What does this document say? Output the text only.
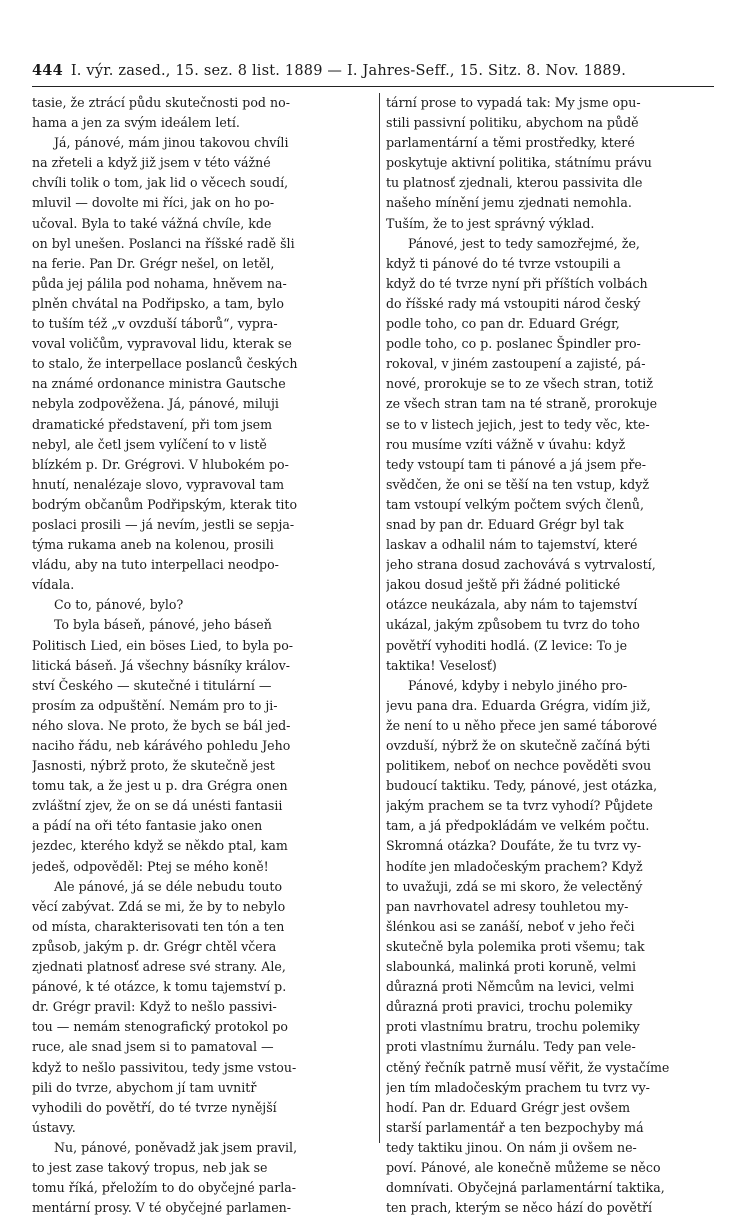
444 I. výr. zased., 15. sez. 8 list. 1889 — I. Jahres-Seff., 15. Sitz. 8. Nov. 1889.
tasie, že ztrácí půdu skutečnosti pod no-
hama a jen za svým ideálem letí.
Já, pánové, mám jinou takovou chvíli
na zřeteli a když již jsem v této vážné
chvíli tolik o tom, jak lid o věcech soudí,
mluvil — dovolte mi říci, jak on ho po-
učoval. Byla to také vážná chvíle, kde
on byl unešen. Poslanci na říšské radě šli
na ferie. Pan Dr. Grégr nešel, on letěl,
půda jej pálila pod nohama, hněvem na-
plněn chvátal na Podřipsko, a tam, bylo
to tuším též „v ovzduší táborů“, vypra-
voval voličům, vypravoval lidu, kterak se
to stalo, že interpellace poslanců českých
na známé ordonance ministra Gautsche
nebyla zodpověžena. Já, pánové, miluji
dramatické představení, při tom jsem
nebyl, ale četl jsem vylíčení to v listě
blízkém p. Dr. Grégrovi. V hlubokém po-
hnutí, nenalézaje slovo, vypravoval tam
bodrým občanům Podřipským, kterak tito
poslaci prosili — já nevím, jestli se sepja-
týma rukama aneb na kolenou, prosili
vládu, aby na tuto interpellaci neodpo-
vídala.
Co to, pánové, bylo?
To byla báseň, pánové, jeho báseň
Politisch Lied, ein böses Lied, to byla po-
litická báseň. Já všechny básníky králov-
ství Českého — skutečné i titulární —
prosím za odpuštění. Nemám pro to ji-
ného slova. Ne proto, že bych se bál jed-
naciho řádu, neb kárávého pohledu Jeho
Jasnosti, nýbrž proto, že skutečně jest
tomu tak, a že jest u p. dra Grégra onen
zvláštní zjev, že on se dá unésti fantasii
a pádí na oři této fantasie jako onen
jezdec, kterého když se někdo ptal, kam
jedeš, odpověděl: Ptej se mého koně!
Ale pánové, já se déle nebudu touto
věcí zabývat. Zdá se mi, že by to nebylo
od místa, charakterisovati ten tón a ten
způsob, jakým p. dr. Grégr chtěl včera
zjednati platnosť adrese své strany. Ale,
pánové, k té otázce, k tomu tajemství p.
dr. Grégr pravil: Když to nešlo passivi-
tou — nemám stenografický protokol po
ruce, ale snad jsem si to pamatoval —
když to nešlo passivitou, tedy jsme vstou-
pili do tvrze, abychom jí tam uvnitř
vyhodili do povětří, do té tvrze nynější
ústavy.
Nu, pánové, poněvadž jak jsem pravil,
to jest zase takový tropus, neb jak se
tomu říká, přeložím to do obyčejné parla-
mentární prosy. V té obyčejné parlamen-
tární prose to vypadá tak: My jsme opu-
stili passivní politiku, abychom na půdě
parlamentární a těmi prostředky, které
poskytuje aktivní politika, státnímu právu
tu platnosť zjednali, kterou passivita dle
našeho mínění jemu zjednati nemohla.
Tuším, že to jest správný výklad.
Pánové, jest to tedy samozřejmé, že,
když ti pánové do té tvrze vstoupili a
když do té tvrze nyní při příštích volbách
do říšské rady má vstoupiti národ český
podle toho, co pan dr. Eduard Grégr,
podle toho, co p. poslanec Špindler pro-
rokoval, v jiném zastoupení a zajisté, pá-
nové, prorokuje se to ze všech stran, totiž
ze všech stran tam na té straně, prorokuje
se to v listech jejich, jest to tedy věc, kte-
rou musíme vzíti vážně v úvahu: když
tedy vstoupí tam ti pánové a já jsem pře-
svědčen, že oni se těší na ten vstup, když
tam vstoupí velkým počtem svých členů,
snad by pan dr. Eduard Grégr byl tak
laskav a odhalil nám to tajemství, které
jeho strana dosud zachovává s vytrvalostí,
jakou dosud ještě při žádné politické
otázce neukázala, aby nám to tajemství
ukázal, jakým způsobem tu tvrz do toho
povětří vyhoditi hodlá. (Z levice: To je
taktika! Veselosť)
Pánové, kdyby i nebylo jiného pro-
jevu pana dra. Eduarda Grégra, vidím již,
že není to u něho přece jen samé táborové
ovzduší, nýbrž že on skutečně začíná býti
politikem, neboť on nechce pověděti svou
budoucí taktiku. Tedy, pánové, jest otázka,
jakým prachem se ta tvrz vyhodí? Půjdete
tam, a já předpokládám ve velkém počtu.
Skromná otázka? Doufáte, že tu tvrz vy-
hodíte jen mladočeským prachem? Když
to uvažuji, zdá se mi skoro, že velectěný
pan navrhovatel adresy touhletou my-
šlénkou asi se zanáší, neboť v jeho řeči
skutečně byla polemika proti všemu; tak
slabounká, malinká proti koruně, velmi
důrazná proti Němcům na levici, velmi
důrazná proti pravici, trochu polemiky
proti vlastnímu bratru, trochu polemiky
proti vlastnímu žurnálu. Tedy pan vele-
ctěný řečník patrně musí věřit, že vystačíme
jen tím mladočeským prachem tu tvrz vy-
hodí. Pan dr. Eduard Grégr jest ovšem
starší parlamentář a ten bezpochyby má
tedy taktiku jinou. On nám ji ovšem ne-
poví. Pánové, ale konečně můžeme se něco
domnívati. Obyčejná parlamentární taktika,
ten prach, kterým se něco hází do povětří
